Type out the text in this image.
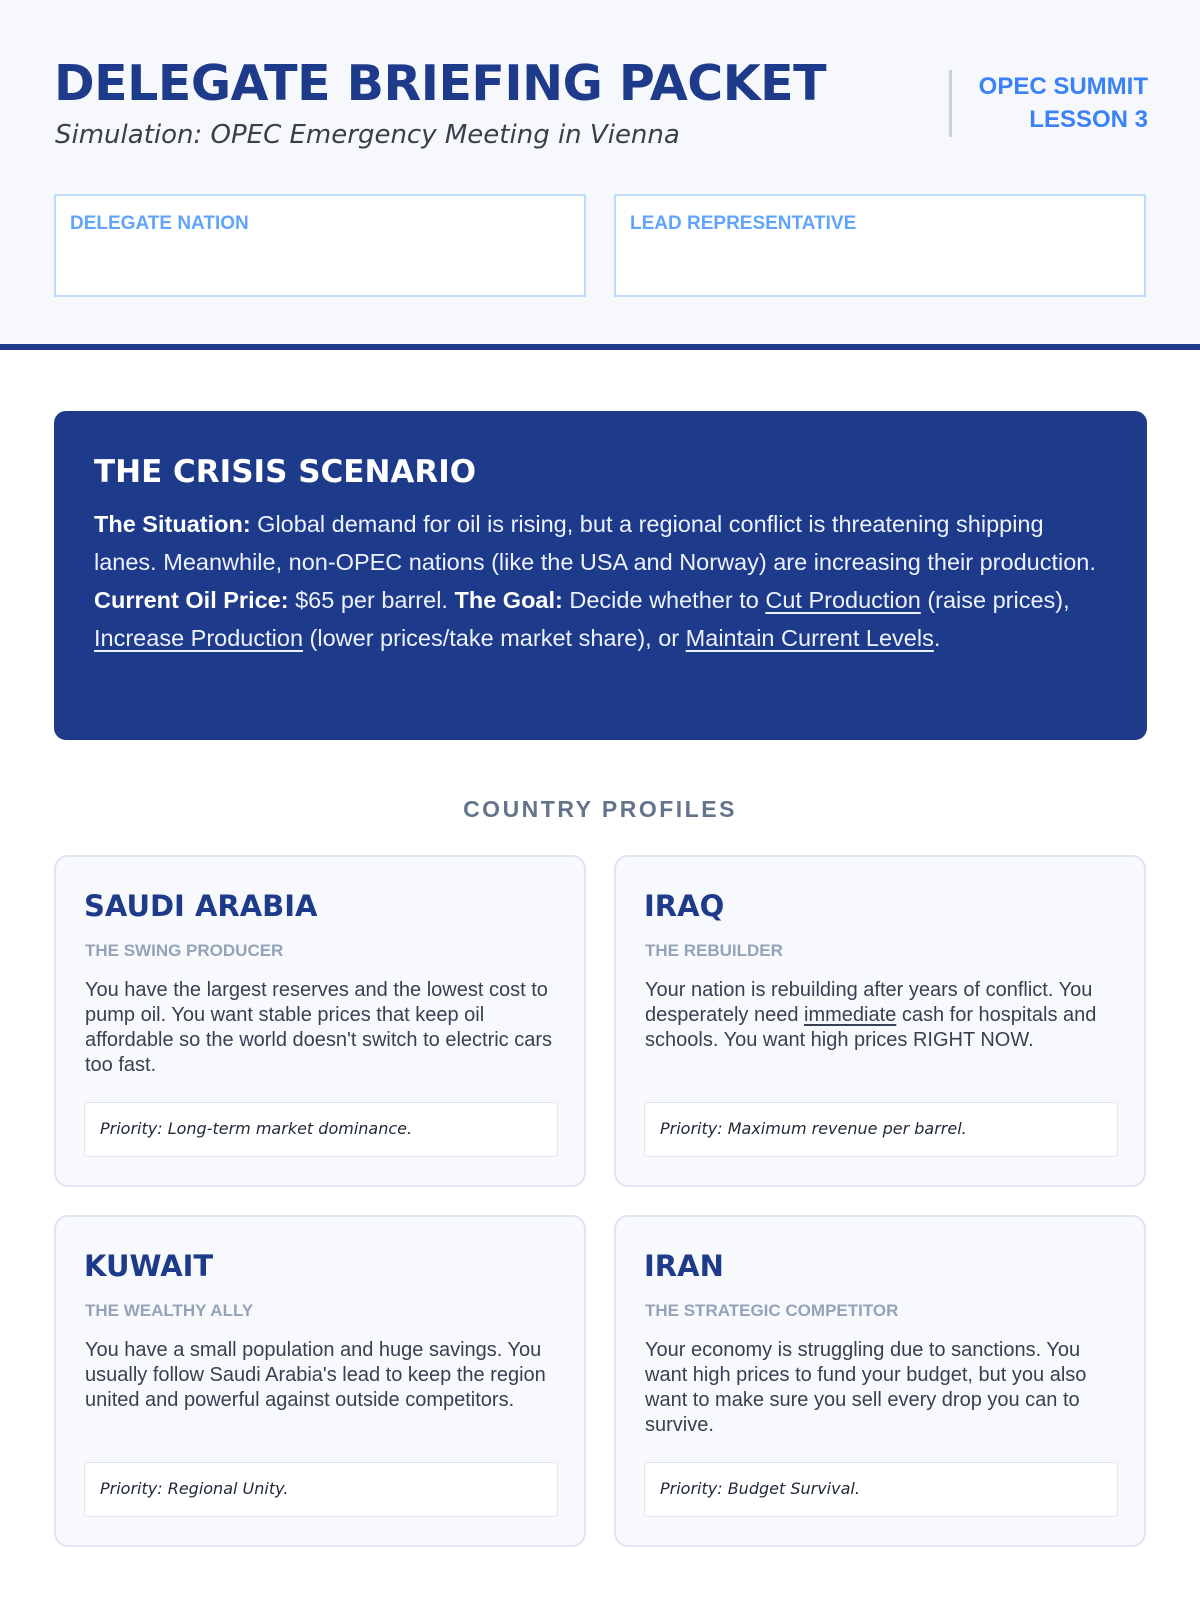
DELEGATE BRIEFING PACKET
Simulation: OPEC Emergency Meeting in Vienna
OPEC SUMMIT
LESSON 3
DELEGATE NATION	LEAD REPRESENTATIVE
THE CRISIS SCENARIO

The Situation: Global demand for oil is rising, but a regional conflict is threatening shipping lanes. Meanwhile, non-OPEC nations (like the USA and Norway) are increasing their production. Current Oil Price: $65 per barrel. The Goal: Decide whether to Cut Production (raise prices), Increase Production (lower prices/take market share), or Maintain Current Levels.

COUNTRY PROFILES
SAUDI ARABIA
THE SWING PRODUCER

You have the largest reserves and the lowest cost to pump oil. You want stable prices that keep oil affordable so the world doesn't switch to electric cars too fast.

Priority: Long-term market dominance.
IRAQ
THE REBUILDER

Your nation is rebuilding after years of conflict. You desperately need immediate cash for hospitals and schools. You want high prices RIGHT NOW.

Priority: Maximum revenue per barrel.
KUWAIT
THE WEALTHY ALLY

You have a small population and huge savings. You usually follow Saudi Arabia's lead to keep the region united and powerful against outside competitors.

Priority: Regional Unity.
IRAN
THE STRATEGIC COMPETITOR

Your economy is struggling due to sanctions. You want high prices to fund your budget, but you also want to make sure you sell every drop you can to survive.

Priority: Budget Survival.
